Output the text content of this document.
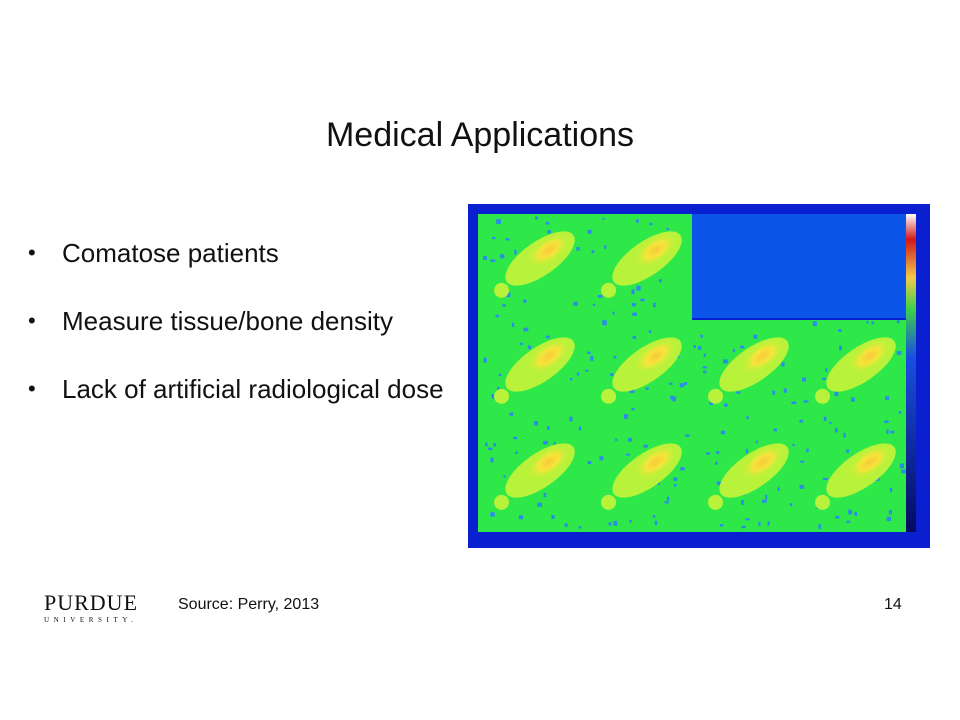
Medical Applications
• Comatose patients
• Measure tissue/bone density
• Lack of artificial radiological dose
PURDUE
UNIVERSITY.
Source: Perry, 2013	14
